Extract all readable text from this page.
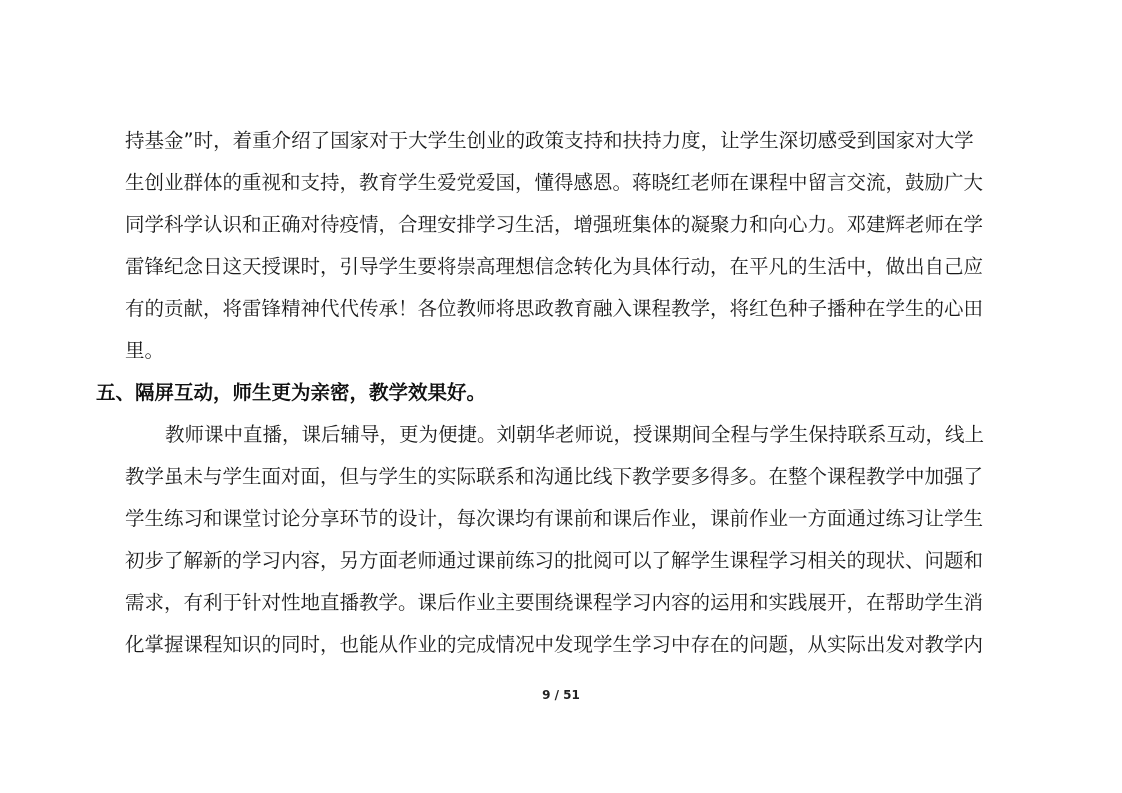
持基金”时，着重介绍了国家对于大学生创业的政策支持和扶持力度，让学生深切感受到国家对大学
生创业群体的重视和支持，教育学生爱党爱国，懂得感恩。蒋晓红老师在课程中留言交流，鼓励广大
同学科学认识和正确对待疫情，合理安排学习生活，增强班集体的凝聚力和向心力。邓建辉老师在学
雷锋纪念日这天授课时，引导学生要将崇高理想信念转化为具体行动，在平凡的生活中，做出自己应
有的贡献，将雷锋精神代代传承！各位教师将思政教育融入课程教学，将红色种子播种在学生的心田
里。
五、隔屏互动，师生更为亲密，教学效果好。
教师课中直播，课后辅导，更为便捷。刘朝华老师说，授课期间全程与学生保持联系互动，线上
教学虽未与学生面对面，但与学生的实际联系和沟通比线下教学要多得多。在整个课程教学中加强了
学生练习和课堂讨论分享环节的设计，每次课均有课前和课后作业，课前作业一方面通过练习让学生
初步了解新的学习内容，另方面老师通过课前练习的批阅可以了解学生课程学习相关的现状、问题和
需求，有利于针对性地直播教学。课后作业主要围绕课程学习内容的运用和实践展开，在帮助学生消
化掌握课程知识的同时，也能从作业的完成情况中发现学生学习中存在的问题，从实际出发对教学内
9 / 51
